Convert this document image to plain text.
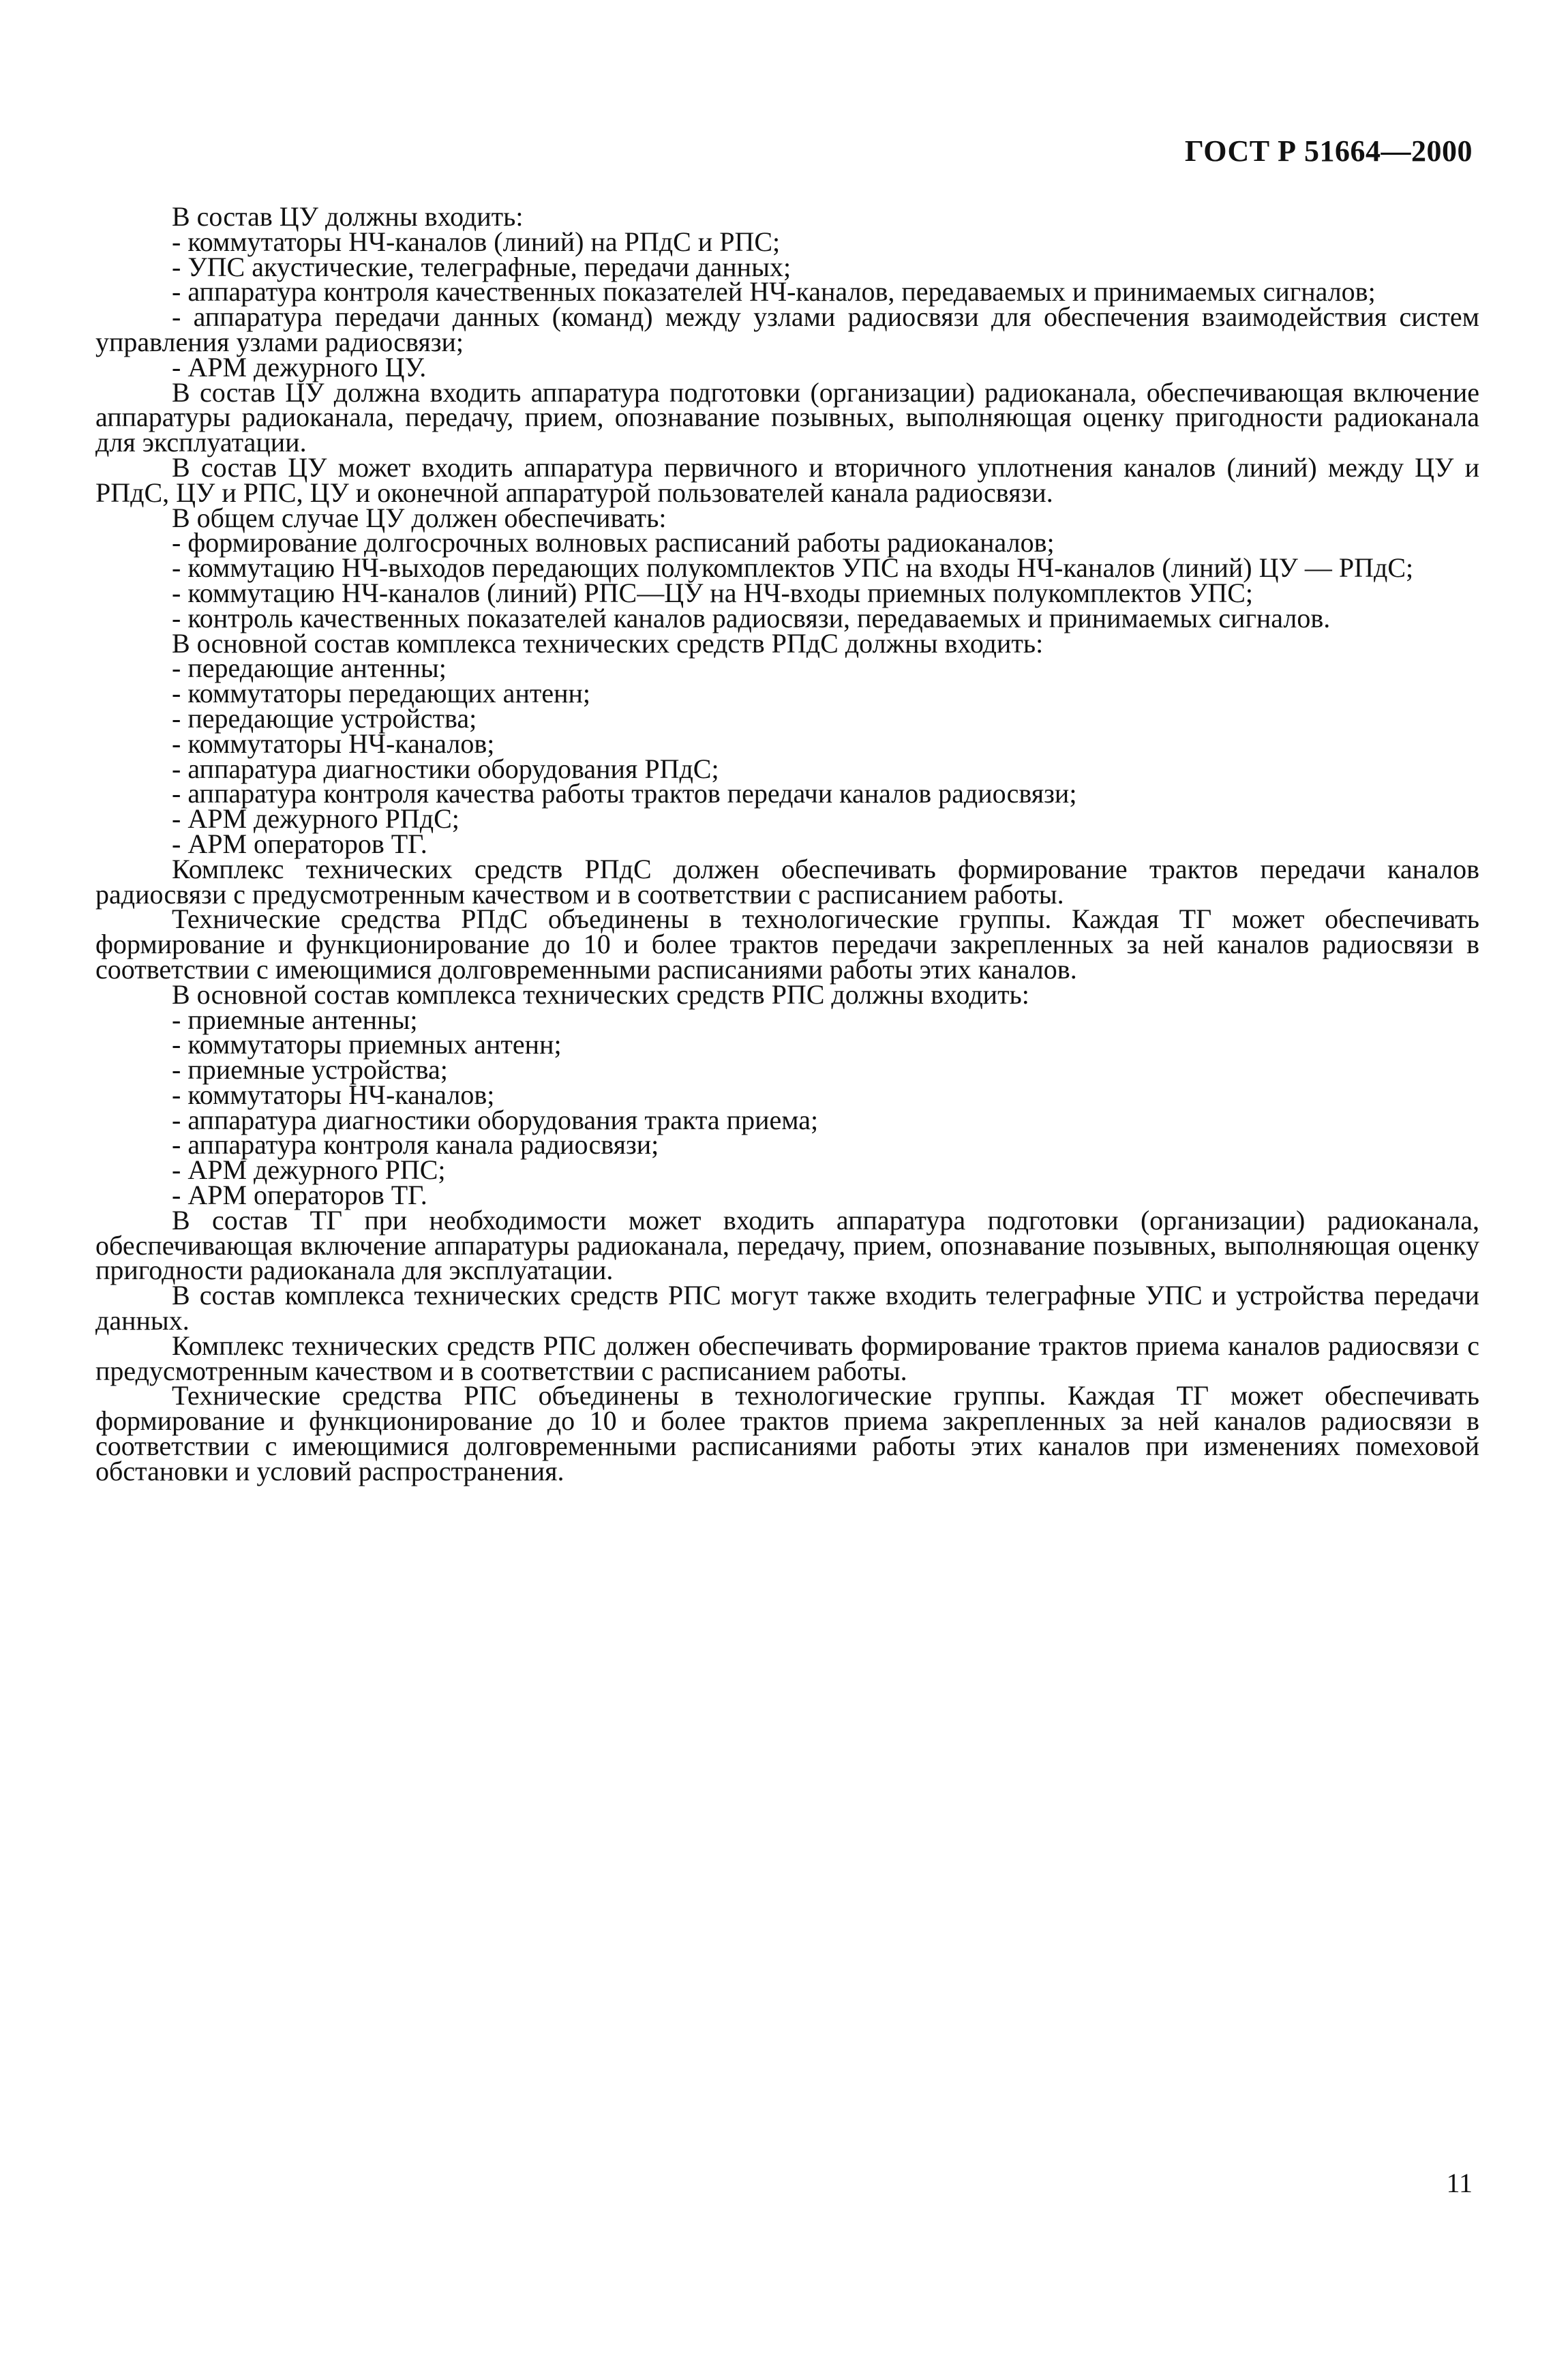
ГОСТ Р 51664—2000

В состав ЦУ должны входить:

- коммутаторы НЧ-каналов (линий) на РПдС и РПС;

- УПС акустические, телеграфные, передачи данных;

- аппаратура контроля качественных показателей НЧ-каналов, передаваемых и принимаемых сигналов;

- аппаратура передачи данных (команд) между узлами радиосвязи для обеспечения взаимодействия систем управления узлами радиосвязи;

- АРМ дежурного ЦУ.

В состав ЦУ должна входить аппаратура подготовки (организации) радиоканала, обеспечивающая включение аппаратуры радиоканала, передачу, прием, опознавание позывных, выполняющая оценку пригодности радиоканала для эксплуатации.

В состав ЦУ может входить аппаратура первичного и вторичного уплотнения каналов (линий) между ЦУ и РПдС, ЦУ и РПС, ЦУ и оконечной аппаратурой пользователей канала радиосвязи.

В общем случае ЦУ должен обеспечивать:

- формирование долгосрочных волновых расписаний работы радиоканалов;

- коммутацию НЧ-выходов передающих полукомплектов УПС на входы НЧ-каналов (линий) ЦУ — РПдС;

- коммутацию НЧ-каналов (линий) РПС—ЦУ на НЧ-входы приемных полукомплектов УПС;

- контроль качественных показателей каналов радиосвязи, передаваемых и принимаемых сигналов.

В основной состав комплекса технических средств РПдС должны входить:

- передающие антенны;

- коммутаторы передающих антенн;

- передающие устройства;

- коммутаторы НЧ-каналов;

- аппаратура диагностики оборудования РПдС;

- аппаратура контроля качества работы трактов передачи каналов радиосвязи;

- АРМ дежурного РПдС;

- АРМ операторов ТГ.

Комплекс технических средств РПдС должен обеспечивать формирование трактов передачи каналов радиосвязи с предусмотренным качеством и в соответствии с расписанием работы.

Технические средства РПдС объединены в технологические группы. Каждая ТГ может обеспечивать формирование и функционирование до 10 и более трактов передачи закрепленных за ней каналов радиосвязи в соответствии с имеющимися долговременными расписаниями работы этих каналов.

В основной состав комплекса технических средств РПС должны входить:

- приемные антенны;

- коммутаторы приемных антенн;

- приемные устройства;

- коммутаторы НЧ-каналов;

- аппаратура диагностики оборудования тракта приема;

- аппаратура контроля канала радиосвязи;

- АРМ дежурного РПС;

- АРМ операторов ТГ.

В состав ТГ при необходимости может входить аппаратура подготовки (организации) радиоканала, обеспечивающая включение аппаратуры радиоканала, передачу, прием, опознавание позывных, выполняющая оценку пригодности радиоканала для эксплуатации.

В состав комплекса технических средств РПС могут также входить телеграфные УПС и устройства передачи данных.

Комплекс технических средств РПС должен обеспечивать формирование трактов приема каналов радиосвязи с предусмотренным качеством и в соответствии с расписанием работы.

Технические средства РПС объединены в технологические группы. Каждая ТГ может обеспечивать формирование и функционирование до 10 и более трактов приема закрепленных за ней каналов радиосвязи в соответствии с имеющимися долговременными расписаниями работы этих каналов при изменениях помеховой обстановки и условий распространения.

11
